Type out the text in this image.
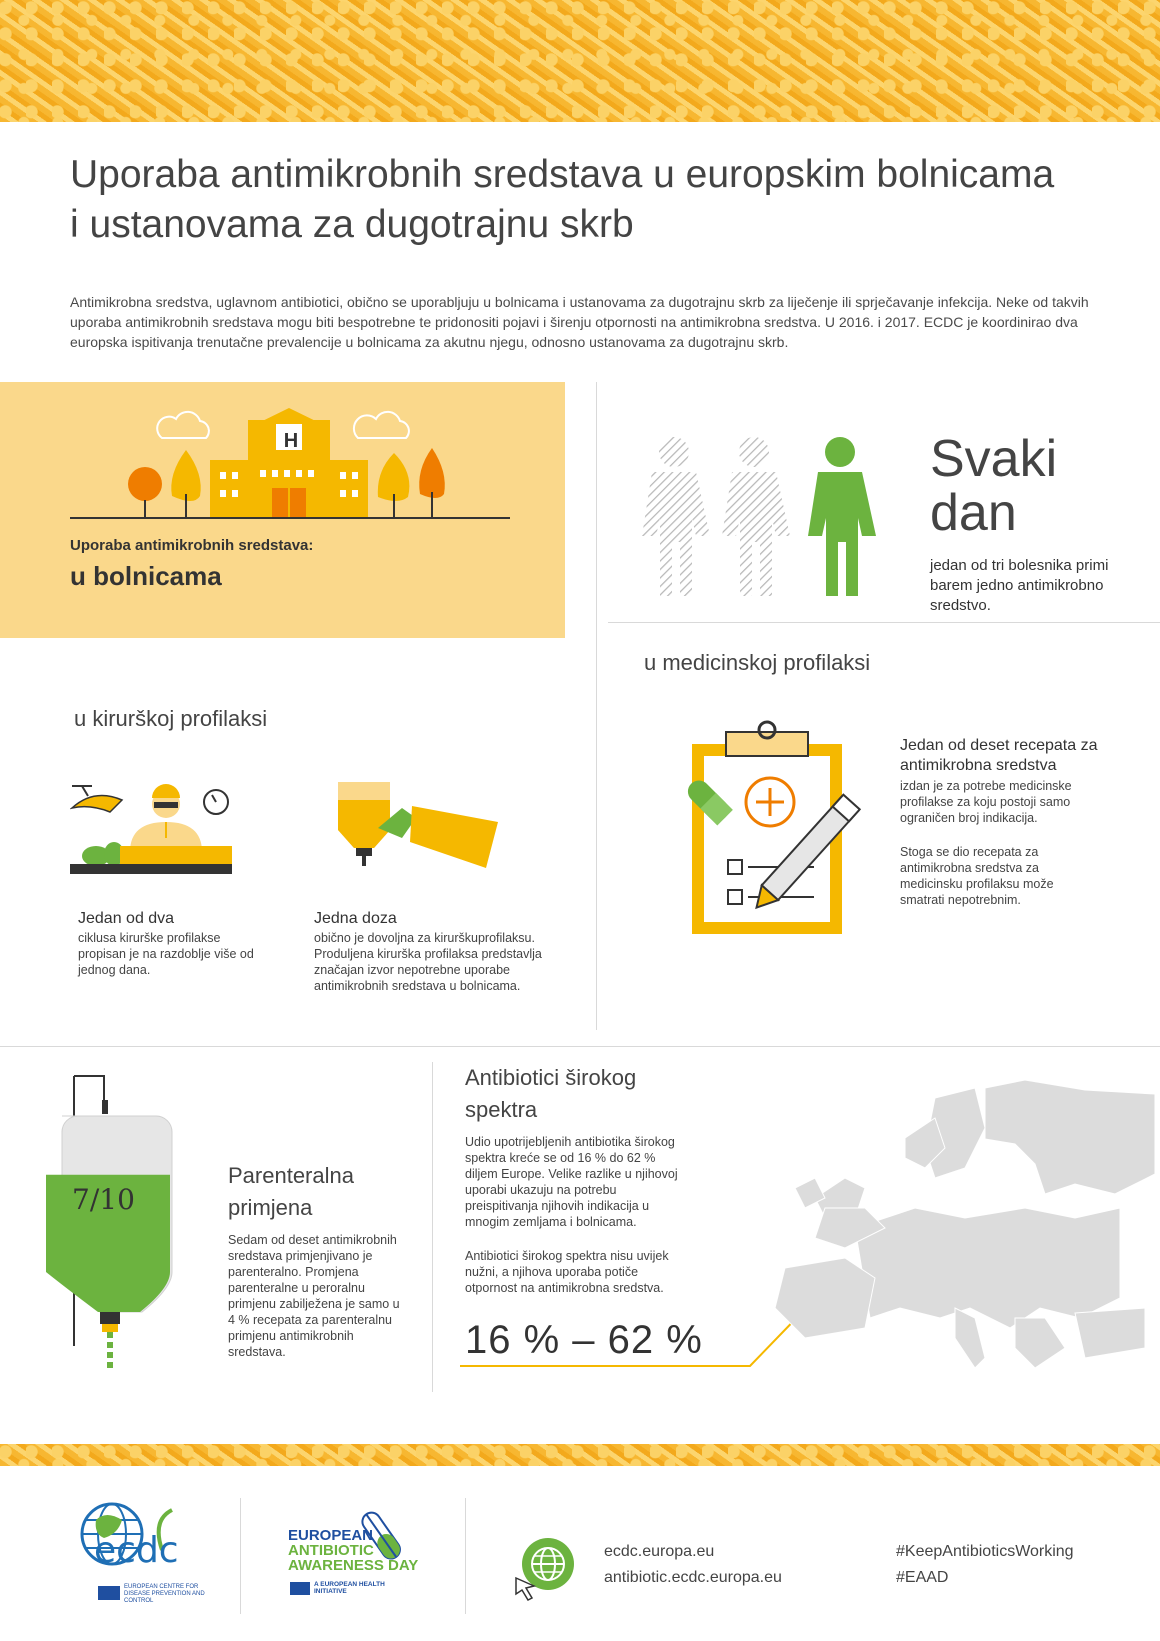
Uporaba antimikrobnih sredstava u europskim bolnicama
i ustanovama za dugotrajnu skrb

Antimikrobna sredstva, uglavnom antibiotici, obično se uporabljuju u bolnicama i ustanovama za dugotrajnu skrb za liječenje ili sprječavanje infekcija. Neke od takvih uporaba antimikrobnih sredstava mogu biti bespotrebne te pridonositi pojavi i širenju otpornosti na antimikrobna sredstva. U 2016. i 2017. ECDC je koordinirao dva europska ispitivanja trenutačne prevalencije u bolnicama za akutnu njegu, odnosno ustanovama za dugotrajnu skrb.

H
Uporaba antimikrobnih sredstava:
u bolnicama
Svaki
dan

jedan od tri bolesnika primi barem jedno antimikrobno sredstvo.

u medicinskoj profilaksi
Jedan od deset recepata za antimikrobna sredstva

izdan je za potrebe medicinske profilakse za koju postoji samo ograničen broj indikacija.

Stoga se dio recepata za antimikrobna sredstva za medicinsku profilaksu može smatrati nepotrebnim.

u kirurškoj profilaksi
Jedan od dva

ciklusa kirurške profilakse propisan je na razdoblje više od jednog dana.

Jedna doza

obično je dovoljna za kirurškuprofilaksu. Produljena kirurška profilaksa predstavlja značajan izvor nepotrebne uporabe antimikrobnih sredstava u bolnicama.

7/10
Parenteralna
primjena

Sedam od deset antimikrobnih sredstava primjenjivano je parenteralno. Promjena parenteralne u peroralnu primjenu zabilježena je samo u 4 % recepata za parenteralnu primjenu antimikrobnih sredstava.

Antibiotici širokog
spektra

Udio upotrijebljenih antibiotika širokog spektra kreće se od 16 % do 62 % diljem Europe. Velike razlike u njihovoj uporabi ukazuju na potrebu preispitivanja njihovih indikacija u mnogim zemljama i bolnicama.

Antibiotici širokog spektra nisu uvijek nužni, a njihova uporaba potiče otpornost na antimikrobna sredstva.

16 % – 62 %
ecdc
EUROPEAN CENTRE FOR DISEASE PREVENTION AND CONTROL
EUROPEAN
ANTIBIOTIC
AWARENESS DAY
A EUROPEAN HEALTH INITIATIVE
ecdc.europa.eu
antibiotic.ecdc.europa.eu
#KeepAntibioticsWorking
#EAAD
